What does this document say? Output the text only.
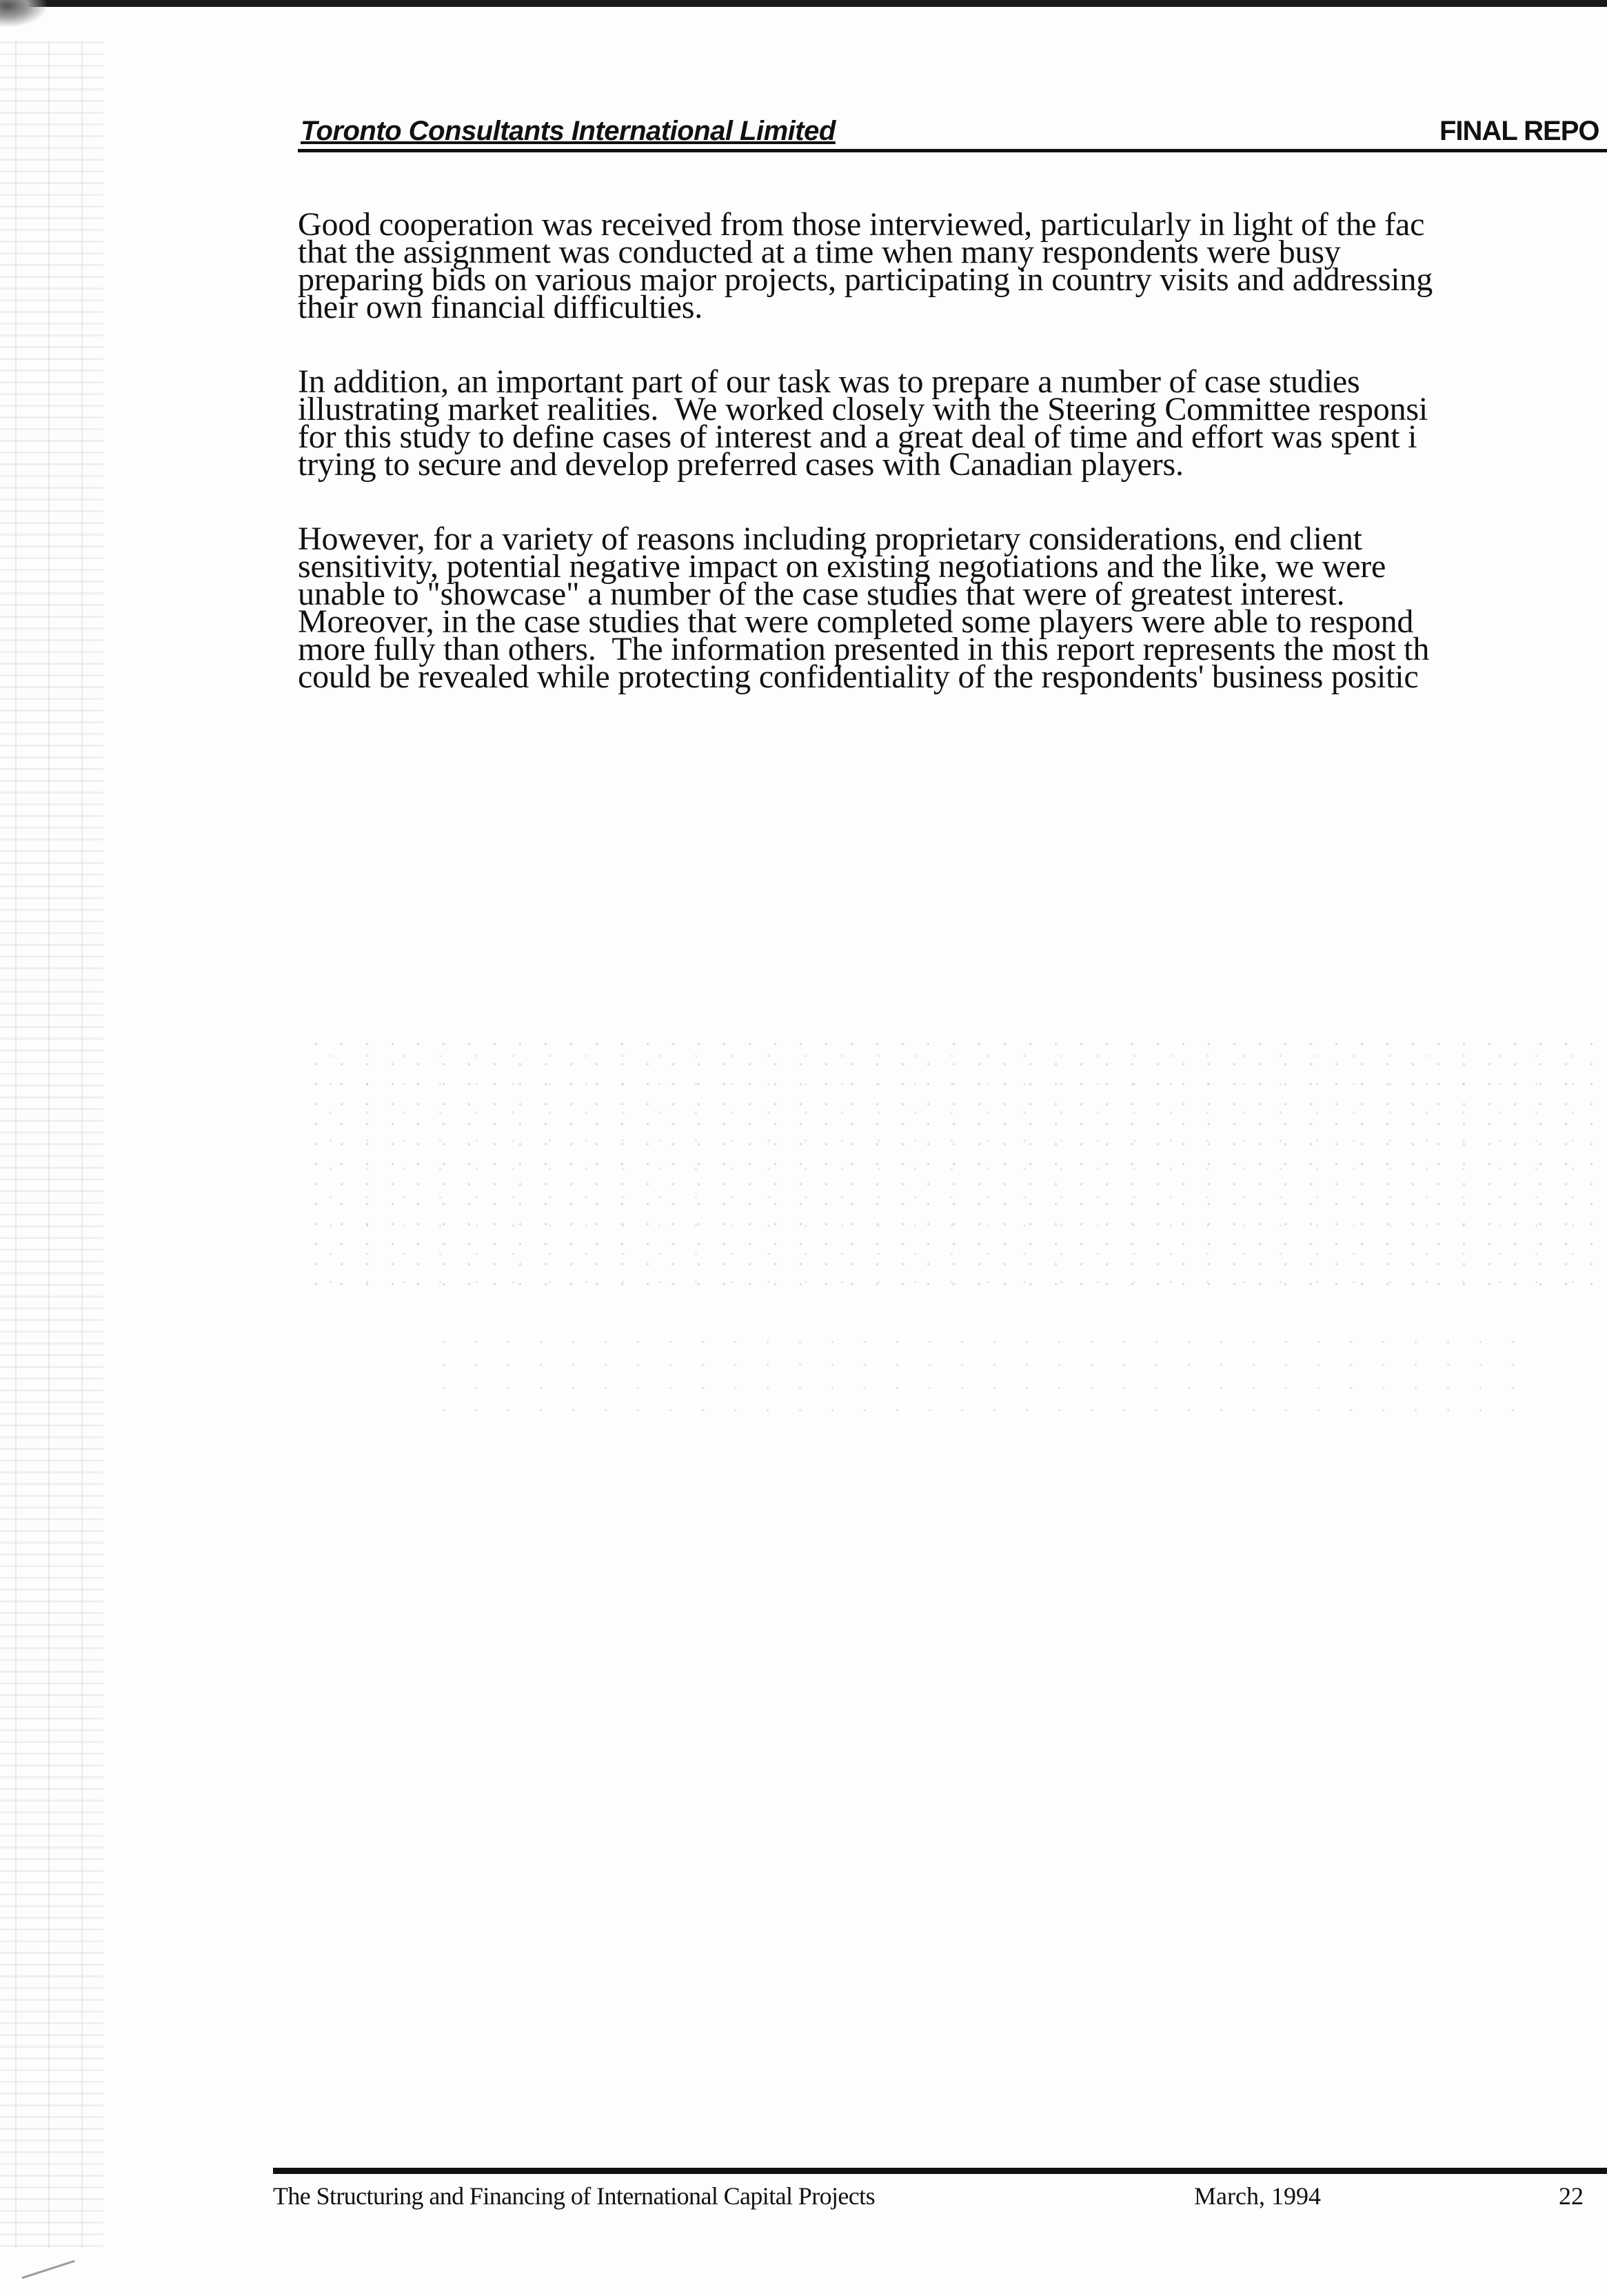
Toronto Consultants International Limited	FINAL REPO
Good cooperation was received from those interviewed, particularly in light of the fac
that the assignment was conducted at a time when many respondents were busy
preparing bids on various major projects, participating in country visits and addressing
their own financial difficulties.
In addition, an important part of our task was to prepare a number of case studies
illustrating market realities.  We worked closely with the Steering Committee responsi
for this study to define cases of interest and a great deal of time and effort was spent i
trying to secure and develop preferred cases with Canadian players.
However, for a variety of reasons including proprietary considerations, end client
sensitivity, potential negative impact on existing negotiations and the like, we were
unable to "showcase" a number of the case studies that were of greatest interest.
Moreover, in the case studies that were completed some players were able to respond
more fully than others.  The information presented in this report represents the most th
could be revealed while protecting confidentiality of the respondents' business positic
The Structuring and Financing of International Capital Projects	March, 1994	22
